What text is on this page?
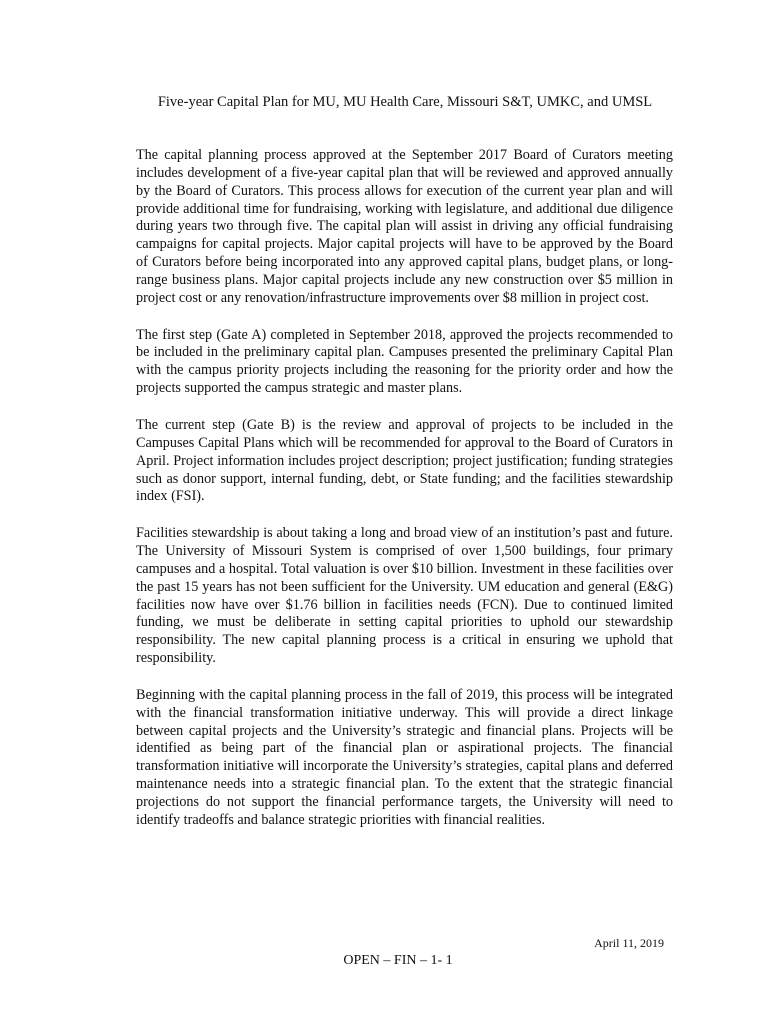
Five-year Capital Plan for MU, MU Health Care, Missouri S&T, UMKC, and UMSL

The capital planning process approved at the September 2017 Board of Curators meeting includes development of a five-year capital plan that will be reviewed and approved annually by the Board of Curators. This process allows for execution of the current year plan and will provide additional time for fundraising, working with legislature, and additional due diligence during years two through five. The capital plan will assist in driving any official fundraising campaigns for capital projects. Major capital projects will have to be approved by the Board of Curators before being incorporated into any approved capital plans, budget plans, or long-range business plans. Major capital projects include any new construction over $5 million in project cost or any renovation/infrastructure improvements over $8 million in project cost.

The first step (Gate A) completed in September 2018, approved the projects recommended to be included in the preliminary capital plan. Campuses presented the preliminary Capital Plan with the campus priority projects including the reasoning for the priority order and how the projects supported the campus strategic and master plans.

The current step (Gate B) is the review and approval of projects to be included in the Campuses Capital Plans which will be recommended for approval to the Board of Curators in April. Project information includes project description; project justification; funding strategies such as donor support, internal funding, debt, or State funding; and the facilities stewardship index (FSI).

Facilities stewardship is about taking a long and broad view of an institution’s past and future. The University of Missouri System is comprised of over 1,500 buildings, four primary campuses and a hospital. Total valuation is over $10 billion. Investment in these facilities over the past 15 years has not been sufficient for the University. UM education and general (E&G) facilities now have over $1.76 billion in facilities needs (FCN). Due to continued limited funding, we must be deliberate in setting capital priorities to uphold our stewardship responsibility. The new capital planning process is a critical in ensuring we uphold that responsibility.

Beginning with the capital planning process in the fall of 2019, this process will be integrated with the financial transformation initiative underway. This will provide a direct linkage between capital projects and the University’s strategic and financial plans. Projects will be identified as being part of the financial plan or aspirational projects. The financial transformation initiative will incorporate the University’s strategies, capital plans and deferred maintenance needs into a strategic financial plan. To the extent that the strategic financial projections do not support the financial performance targets, the University will need to identify tradeoffs and balance strategic priorities with financial realities.

April 11, 2019
OPEN – FIN – 1- 1
